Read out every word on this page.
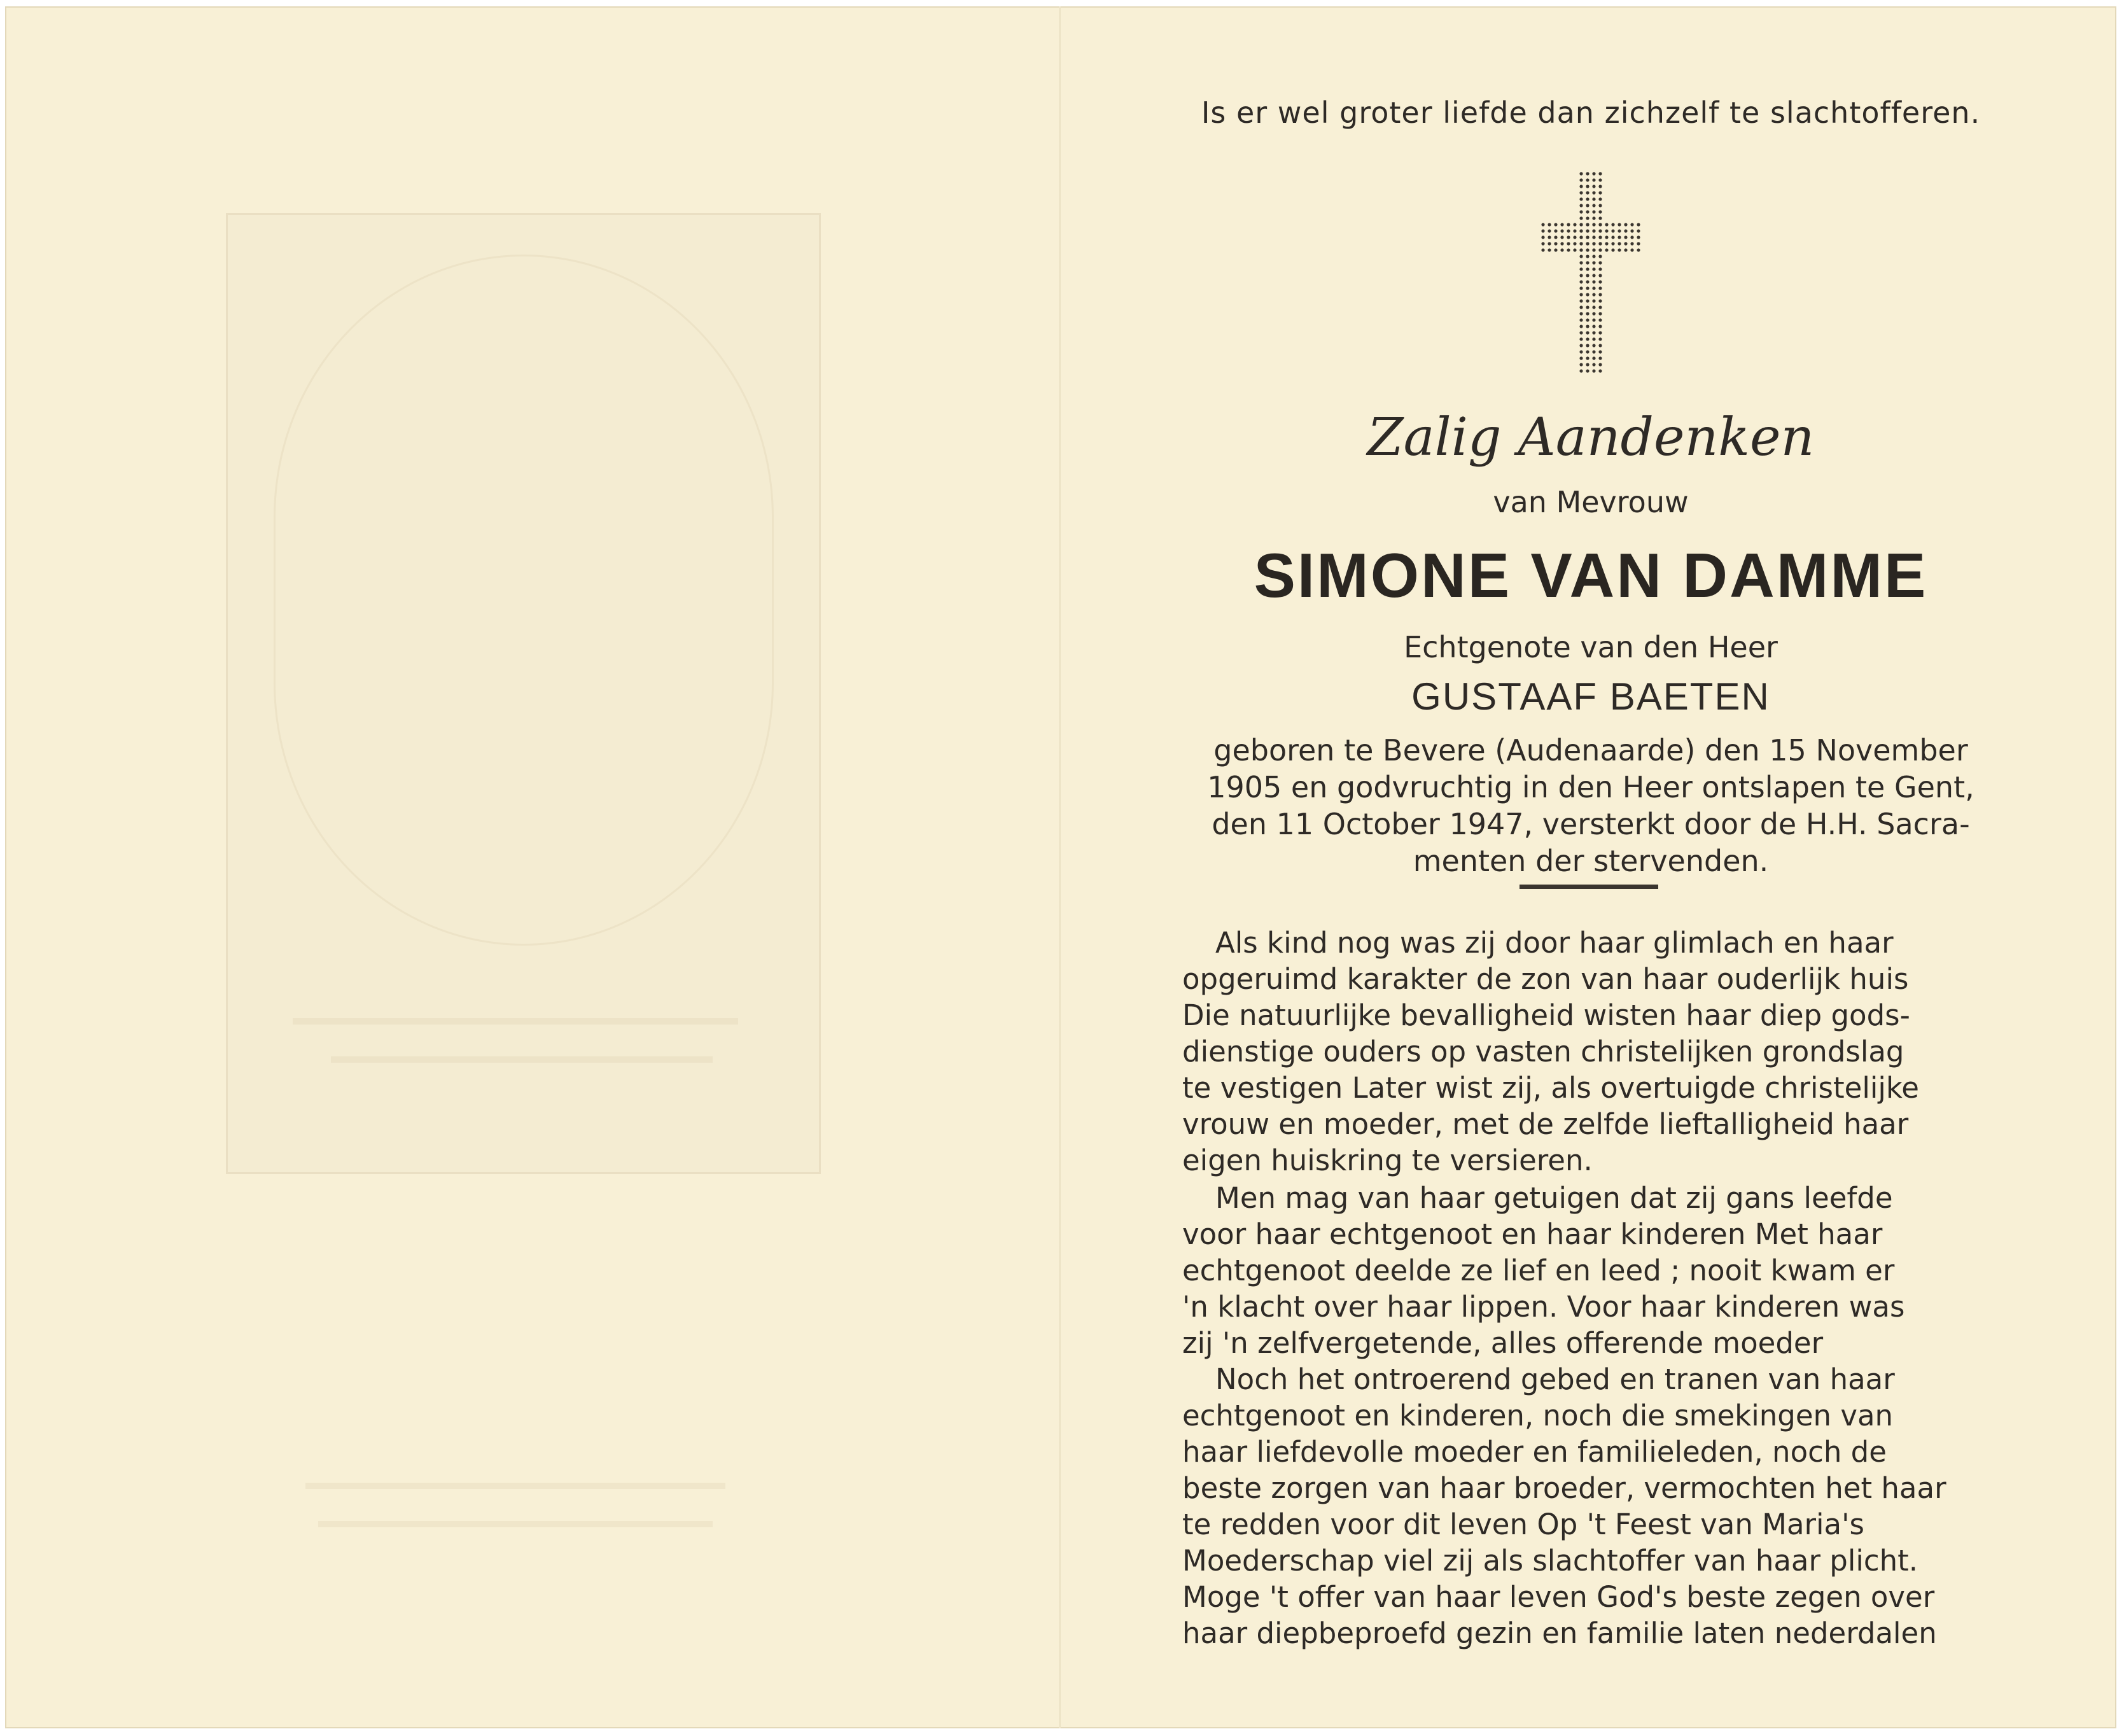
Is er wel groter liefde dan zichzelf te slachtofferen.
Zalig Aandenken
van Mevrouw
SIMONE VAN DAMME
Echtgenote van den Heer
GUSTAAF BAETEN
geboren te Bevere (Audenaarde) den 15 November
1905 en godvruchtig in den Heer ontslapen te Gent,
den 11 October 1947, versterkt door de H.H. Sacra-
menten der stervenden.
Als kind nog was zij door haar glimlach en haar
opgeruimd karakter de zon van haar ouderlijk huis
Die natuurlijke bevalligheid wisten haar diep gods-
dienstige ouders op vasten christelijken grondslag
te vestigen Later wist zij, als overtuigde christelijke
vrouw en moeder, met de zelfde lieftalligheid haar
eigen huiskring te versieren.
Men mag van haar getuigen dat zij gans leefde
voor haar echtgenoot en haar kinderen Met haar
echtgenoot deelde ze lief en leed ; nooit kwam er
'n klacht over haar lippen. Voor haar kinderen was
zij 'n zelfvergetende, alles offerende moeder
Noch het ontroerend gebed en tranen van haar
echtgenoot en kinderen, noch die smekingen van
haar liefdevolle moeder en familieleden, noch de
beste zorgen van haar broeder, vermochten het haar
te redden voor dit leven Op 't Feest van Maria's
Moederschap viel zij als slachtoffer van haar plicht.
Moge 't offer van haar leven God's beste zegen over
haar diepbeproefd gezin en familie laten nederdalen
